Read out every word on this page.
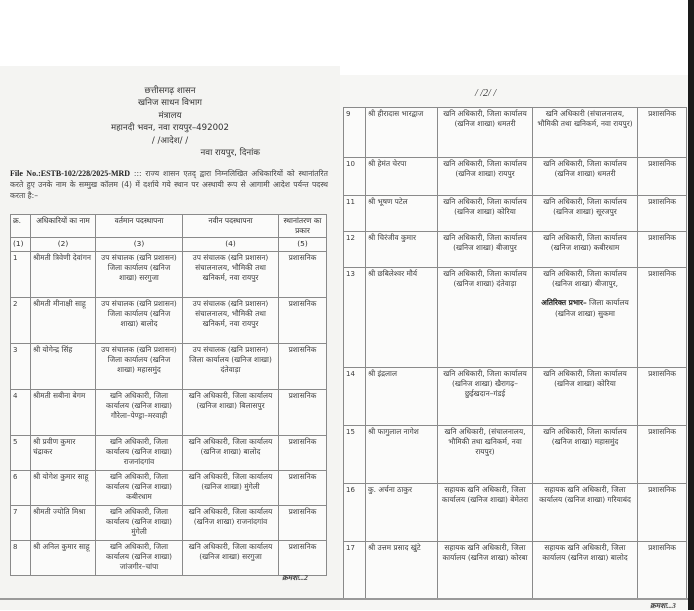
छत्तीसगढ़ शासन
खनिज साधन विभाग
मंत्रालय
महानदी भवन, नवा रायपुर–492002
/ /आदेश/ /
नवा रायपुर, दिनांक
File No.:ESTB-102/228/2025-MRD ::: राज्य शासन एतद् द्वारा निम्नलिखित अधिकारियों को स्थानांतरित करते हुए उनके नाम के सम्मुख कॉलम (4) में दर्शाये गये स्थान पर अस्थायी रूप से आगामी आदेश पर्यन्त पदस्थ करता है:–
क्र.	अधिकारियों का नाम	वर्तमान पदस्थापना	नवीन पदस्थापना	स्थानांतरण का प्रकार
(1)	(2)	(3)	(4)	(5)
1	श्रीमती त्रिवेणी देवांगन	उप संचालक (खनि प्रशासन) जिला कार्यालय (खनिज शाखा) सरगुजा	उप संचालक (खनि प्रशासन) संचालनालय, भौमिकी तथा खनिकर्म, नवा रायपुर	प्रशासनिक
2	श्रीमती मीनाक्षी साहू	उप संचालक (खनि प्रशासन) जिला कार्यालय (खनिज शाखा) बालोद	उप संचालक (खनि प्रशासन) संचालनालय, भौमिकी तथा खनिकर्म, नवा रायपुर	प्रशासनिक
3	श्री योगेन्द्र सिंह	उप संचालक (खनि प्रशासन) जिला कार्यालय (खनिज शाखा) महासमुंद	उप संचालक (खनि प्रशासन) जिला कार्यालय (खनिज शाखा) दंतेवाड़ा	प्रशासनिक
4	श्रीमती सबीना बेगम	खनि अधिकारी, जिला कार्यालय (खनिज शाखा) गौरेला–पेण्ड्रा–मरवाही	खनि अधिकारी, जिला कार्यालय (खनिज शाखा) बिलासपुर	प्रशासनिक
5	श्री प्रवीण कुमार चंद्राकर	खनि अधिकारी, जिला कार्यालय (खनिज शाखा) राजनांदगांव	खनि अधिकारी, जिला कार्यालय (खनिज शाखा) बालोद	प्रशासनिक
6	श्री योगेश कुमार साहू	खनि अधिकारी, जिला कार्यालय (खनिज शाखा) कबीरधाम	खनि अधिकारी, जिला कार्यालय (खनिज शाखा) मुंगेली	प्रशासनिक
7	श्रीमती ज्योति मिश्रा	खनि अधिकारी, जिला कार्यालय (खनिज शाखा) मुंगेली	खनि अधिकारी, जिला कार्यालय (खनिज शाखा) राजनांदगांव	प्रशासनिक
8	श्री अनिल कुमार साहू	खनि अधिकारी, जिला कार्यालय (खनिज शाखा) जांजगीर–चांपा	खनि अधिकारी, जिला कार्यालय (खनिज शाखा) सरगुजा	प्रशासनिक
क्रमशः...2
/ /2/ /
9	श्री हीरादास भारद्वाज	खनि अधिकारी, जिला कार्यालय (खनिज शाखा) धमतरी	खनि अधिकारी (संचालनालय, भौमिकी तथा खनिकर्म, नवा रायपुर)	प्रशासनिक
10	श्री हेमंत चेरपा	खनि अधिकारी, जिला कार्यालय (खनिज शाखा) रायपुर	खनि अधिकारी, जिला कार्यालय (खनिज शाखा) धमतरी	प्रशासनिक
11	श्री भूषण पटेल	खनि अधिकारी, जिला कार्यालय (खनिज शाखा) कोरिया	खनि अधिकारी, जिला कार्यालय (खनिज शाखा) सूरजपुर	प्रशासनिक
12	श्री चिरंजीव कुमार	खनि अधिकारी, जिला कार्यालय (खनिज शाखा) बीजापुर	खनि अधिकारी, जिला कार्यालय (खनिज शाखा) कबीरधाम	प्रशासनिक
13	श्री छबिलेश्वर मौर्य	खनि अधिकारी, जिला कार्यालय (खनिज शाखा) दंतेवाड़ा	खनि अधिकारी, जिला कार्यालय (खनिज शाखा) बीजापुर,
अतिरिक्त प्रभार– जिला कार्यालय (खनिज शाखा) सुकमा	प्रशासनिक
14	श्री इंद्रलाल	खनि अधिकारी, जिला कार्यालय (खनिज शाखा) खैरागढ़–छुईखदान–गंडई	खनि अधिकारी, जिला कार्यालय (खनिज शाखा) कोरिया	प्रशासनिक
15	श्री फागुलाल नागेश	खनि अधिकारी, (संचालनालय, भौमिकी तथा खनिकर्म, नवा रायपुर)	खनि अधिकारी, जिला कार्यालय (खनिज शाखा) महासमुंद	प्रशासनिक
16	कु. अर्चना ठाकुर	सहायक खनि अधिकारी, जिला कार्यालय (खनिज शाखा) बेमेतरा	सहायक खनि अधिकारी, जिला कार्यालय (खनिज शाखा) गरियाबंद	प्रशासनिक
17	श्री उत्तम प्रसाद खुंटे	सहायक खनि अधिकारी, जिला कार्यालय (खनिज शाखा) कोरबा	सहायक खनि अधिकारी, जिला कार्यालय (खनिज शाखा) बालोद	प्रशासनिक
क्रमशः...3
